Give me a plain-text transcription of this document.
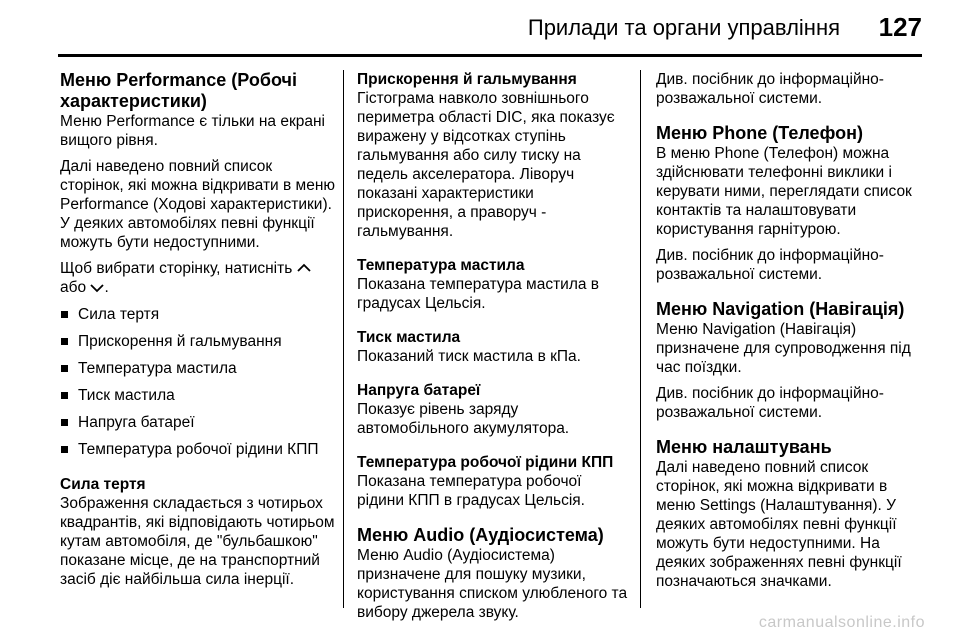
Прилади та органи управління 127
Меню Performance (Робочі характеристики)

Меню Performance є тільки на екрані вищого рівня.

Далі наведено повний список сторінок, які можна відкривати в меню Performance (Ходові характеристики). У деяких автомобілях певні функції можуть бути недоступними.

Щоб вибрати сторінку, натисніть  або .

Сила тертя
Прискорення й гальмування
Температура мастила
Тиск мастила
Напруга батареї
Температура робочої рідини КПП
Сила тертя

Зображення складається з чотирьох квадрантів, які відповідають чотирьом кутам автомобіля, де "бульбашкою" показане місце, де на транспортний засіб діє найбільша сила інерції.

Прискорення й гальмування

Гістограма навколо зовнішнього периметра області DIC, яка показує виражену у відсотках ступінь гальмування або силу тиску на педель акселератора. Ліворуч показані характеристики прискорення, а праворуч - гальмування.

Температура мастила

Показана температура мастила в градусах Цельсія.

Тиск мастила

Показаний тиск мастила в кПа.

Напруга батареї

Показує рівень заряду автомобільного акумулятора.

Температура робочої рідини КПП

Показана температура робочої рідини КПП в градусах Цельсія.

Меню Audio (Аудіосистема)

Меню Audio (Аудіосистема) призначене для пошуку музики, користування списком улюбленого та вибору джерела звуку.

Див. посібник до інформаційно-розважальної системи.

Меню Phone (Телефон)

В меню Phone (Телефон) можна здійснювати телефонні виклики і керувати ними, переглядати список контактів та налаштовувати користування гарнітурою.

Див. посібник до інформаційно-розважальної системи.

Меню Navigation (Навігація)

Меню Navigation (Навігація) призначене для супроводження під час поїздки.

Див. посібник до інформаційно-розважальної системи.

Меню налаштувань

Далі наведено повний список сторінок, які можна відкривати в меню Settings (Налаштування). У деяких автомобілях певні функції можуть бути недоступними. На деяких зображеннях певні функції позначаються значками.

carmanualsonline.info
